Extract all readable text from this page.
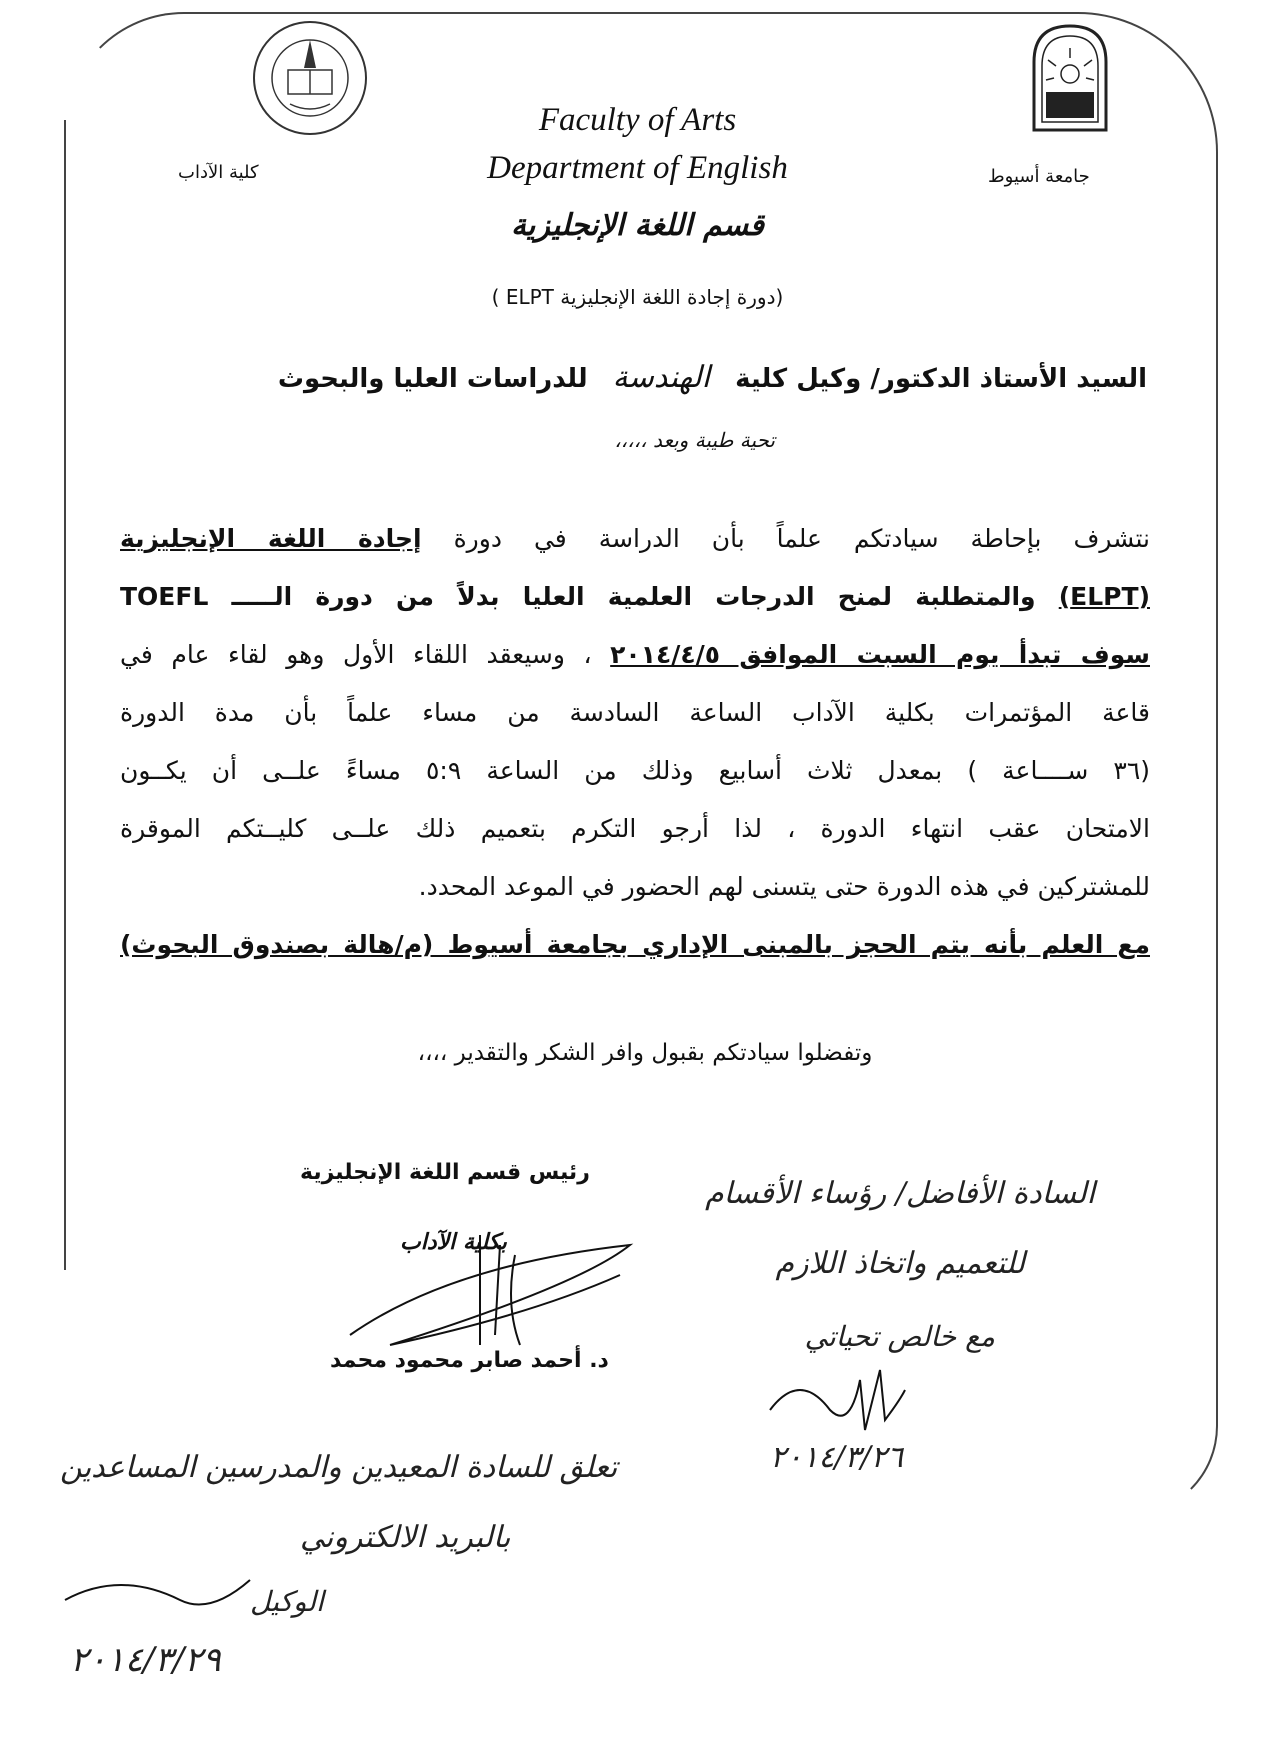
جامعة أسيوط
كلية الآداب
Faculty of Arts
Department of English
قسم اللغة الإنجليزية
(دورة إجادة اللغة الإنجليزية ELPT )
السيد الأستاذ الدكتور/ وكيل كلية الهندسة للدراسات العليا والبحوث
تحية طيبة وبعد ،،،،،

نتشرف بإحاطة سيادتكم علماً بأن الدراسة في دورة إجادة اللغة الإنجليزية

(ELPT) والمتطلبة لمنح الدرجات العلمية العليا بدلاً من دورة الـــــ TOEFL

سوف تبدأ يوم السبت الموافق ٢٠١٤/٤/٥ ، وسيعقد اللقاء الأول وهو لقاء عام في

قاعة المؤتمرات بكلية الآداب الساعة السادسة من مساء علماً بأن مدة الدورة

(٣٦ ســــاعة ) بمعدل ثلاث أسابيع وذلك من الساعة ٥:٩ مساءً علــى أن يكــون

الامتحان عقب انتهاء الدورة ، لذا أرجو التكرم بتعميم ذلك علــى كليــتكم الموقرة

للمشتركين في هذه الدورة حتى يتسنى لهم الحضور في الموعد المحدد.

مع العلم بأنه يتم الحجز بالمبنى الإداري بجامعة أسيوط (م/هالة بصندوق البحوث)

وتفضلوا سيادتكم بقبول وافر الشكر والتقدير ،،،،
رئيس قسم اللغة الإنجليزية
بكلية الآداب
د. أحمد صابر محمود محمد
السادة الأفاضل/ رؤساء الأقسام
للتعميم واتخاذ اللازم
مع خالص تحياتي
٢٠١٤/٣/٢٦
تعلق للسادة المعيدين والمدرسين المساعدين
بالبريد الالكتروني
الوكيل
٢٠١٤/٣/٢٩
